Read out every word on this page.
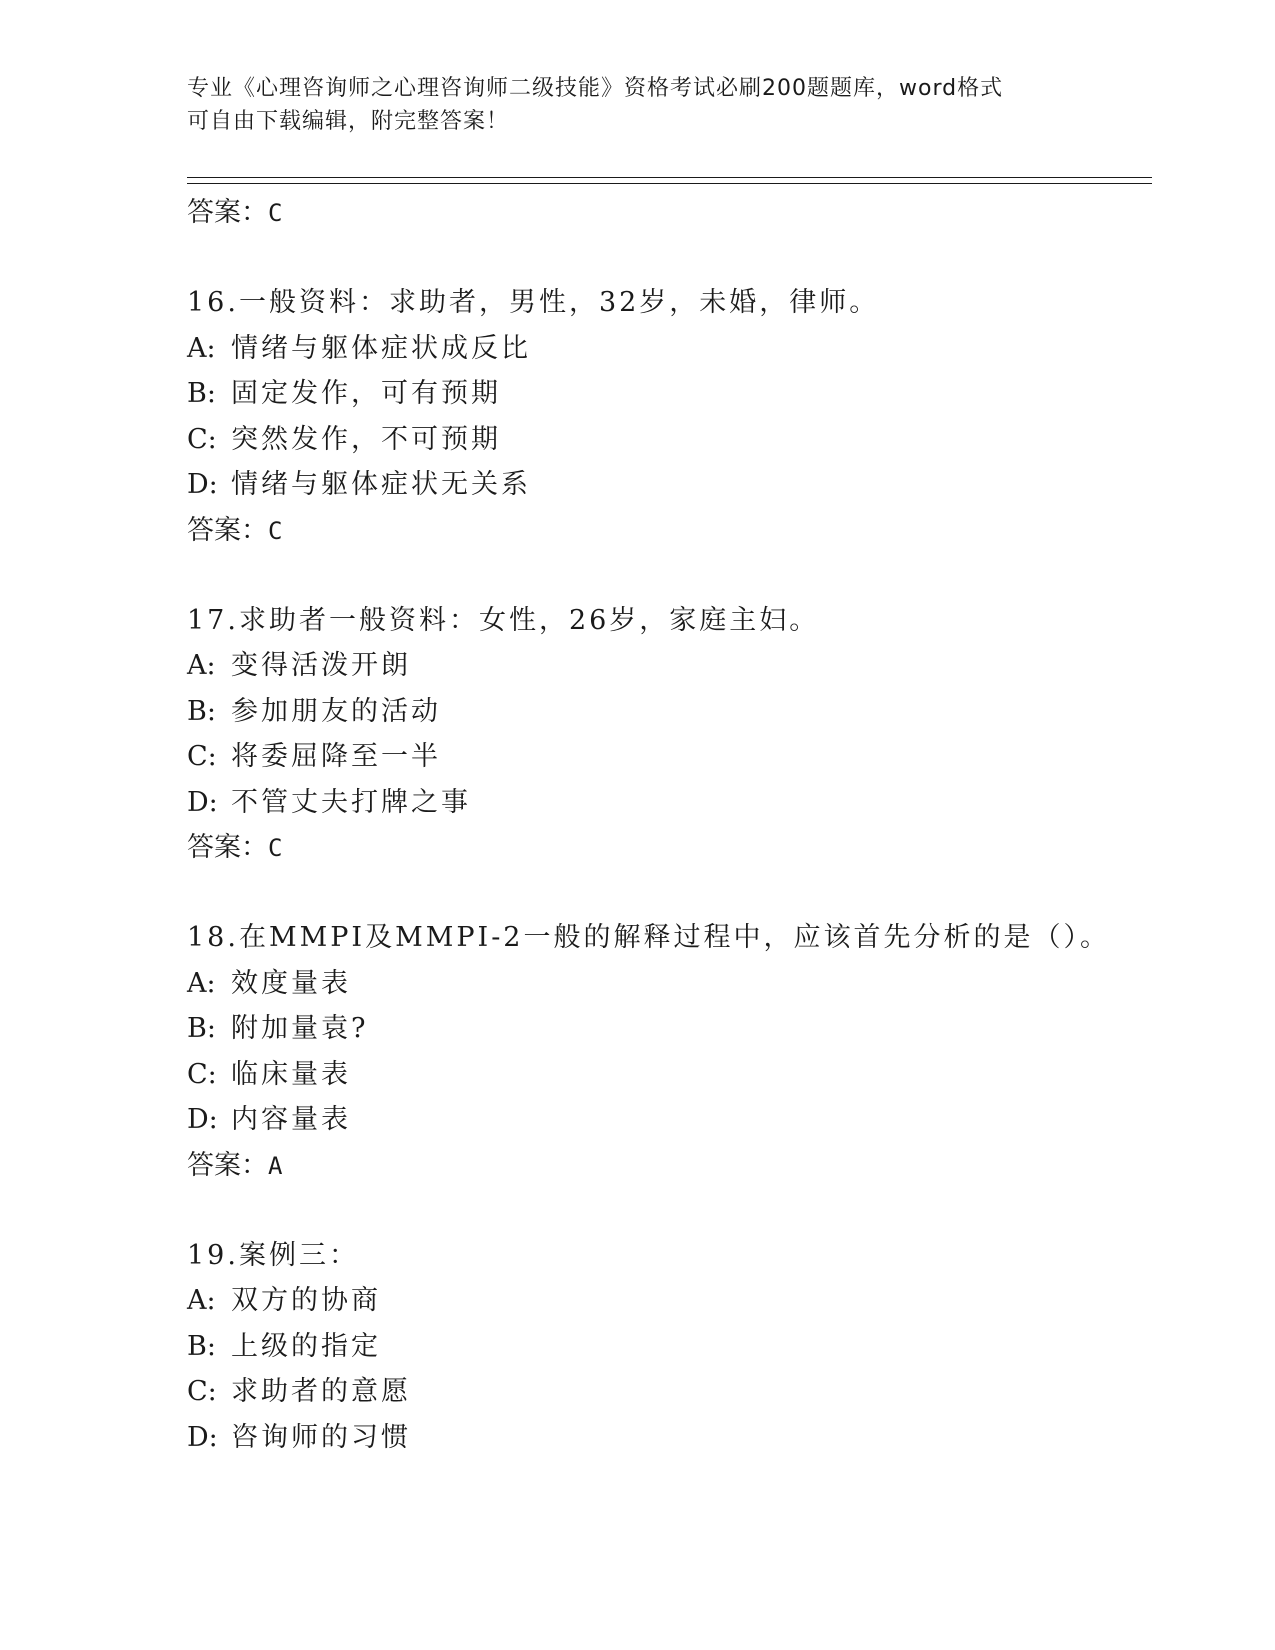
专业《心理咨询师之心理咨询师二级技能》资格考试必刷200题题库，word格式
可自由下载编辑，附完整答案！
答案：C
16.一般资料：求助者，男性，32岁，未婚，律师。
A: 情绪与躯体症状成反比
B: 固定发作，可有预期
C: 突然发作，不可预期
D: 情绪与躯体症状无关系
答案：C
17.求助者一般资料：女性，26岁，家庭主妇。
A: 变得活泼开朗
B: 参加朋友的活动
C: 将委屈降至一半
D: 不管丈夫打牌之事
答案：C
18.在MMPI及MMPI-2一般的解释过程中，应该首先分析的是（）。
A: 效度量表
B: 附加量袁?
C: 临床量表
D: 内容量表
答案：A
19.案例三：
A: 双方的协商
B: 上级的指定
C: 求助者的意愿
D: 咨询师的习惯
